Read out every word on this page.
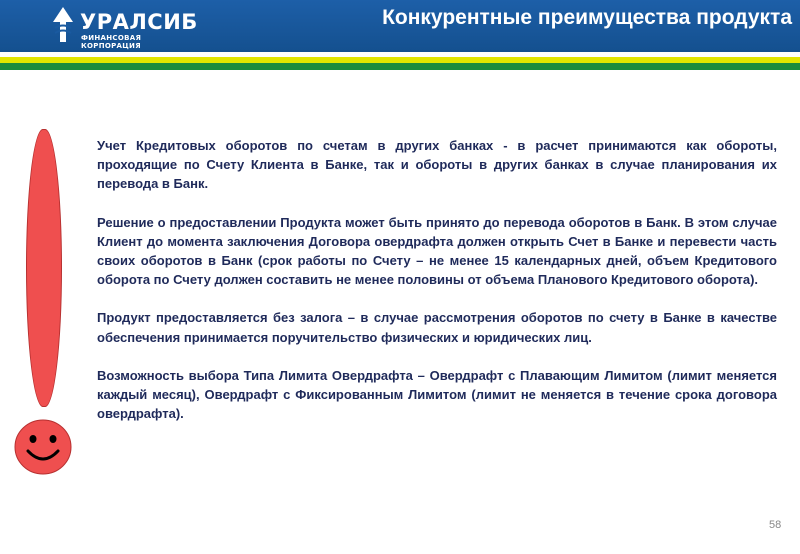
УРАЛСИБ
ФИНАНСОВАЯ КОРПОРАЦИЯ
Конкурентные преимущества продукта

Учет Кредитовых оборотов по счетам в других банках - в расчет принимаются как обороты, проходящие по Счету Клиента в Банке, так и обороты в других банках в случае планирования их перевода в Банк.

Решение о предоставлении Продукта может быть принято до перевода оборотов в Банк. В этом случае Клиент до момента заключения Договора овердрафта должен открыть Счет в Банке и перевести часть своих оборотов в Банк (срок работы по Счету – не менее 15 календарных дней, объем Кредитового оборота по Счету должен составить не менее половины от объема Планового Кредитового оборота).

Продукт предоставляется без залога – в случае рассмотрения оборотов по счету в Банке в качестве обеспечения принимается поручительство физических и юридических лиц.

Возможность выбора Типа Лимита Овердрафта – Овердрафт с Плавающим Лимитом (лимит меняется каждый месяц), Овердрафт с Фиксированным Лимитом (лимит не меняется в течение срока договора овердрафта).

58
